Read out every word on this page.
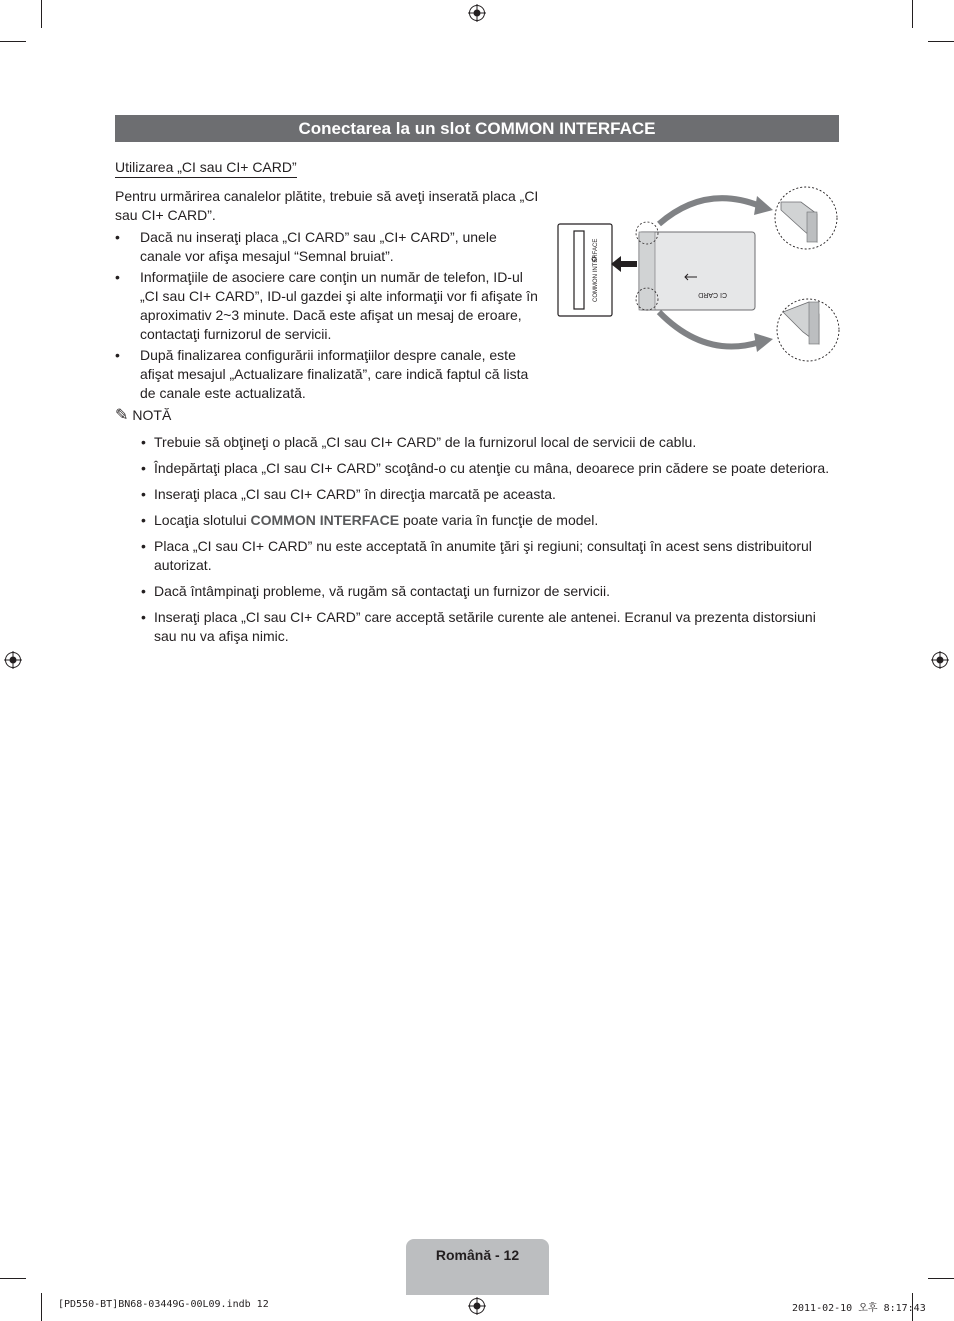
Conectarea la un slot COMMON INTERFACE
Utilizarea „CI sau CI+ CARD”
Pentru urmărirea canalelor plătite, trebuie să aveţi inserată placa „CI sau CI+ CARD”.
• Dacă nu inseraţi placa „CI CARD” sau „CI+ CARD”, unele canale vor afişa mesajul “Semnal bruiat”.
• Informaţiile de asociere care conţin un număr de telefon, ID-ul „CI sau CI+ CARD”, ID-ul gazdei şi alte informaţii vor fi afişate în aproximativ 2~3 minute. Dacă este afişat un mesaj de eroare, contactaţi furnizorul de servicii.
• După finalizarea configurării informaţiilor despre canale, este afişat mesajul „Actualizare finalizată”, care indică faptul că lista de canale este actualizată.
COMMON INTERFACE	CI CARD
✎ NOTĂ
• Trebuie să obţineţi o placă „CI sau CI+ CARD” de la furnizorul local de servicii de cablu.
• Îndepărtaţi placa „CI sau CI+ CARD” scoţând-o cu atenţie cu mâna, deoarece prin cădere se poate deteriora.
• Inseraţi placa „CI sau CI+ CARD” în direcţia marcată pe aceasta.
• Locaţia slotului COMMON INTERFACE poate varia în funcţie de model.
• Placa „CI sau CI+ CARD” nu este acceptată în anumite ţări şi regiuni; consultaţi în acest sens distribuitorul autorizat.
• Dacă întâmpinaţi probleme, vă rugăm să contactaţi un furnizor de servicii.
• Inseraţi placa „CI sau CI+ CARD” care acceptă setările curente ale antenei. Ecranul va prezenta distorsiuni sau nu va afişa nimic.
Română - 12
[PD550-BT]BN68-03449G-00L09.indb 12	2011-02-10 오후 8:17:43
